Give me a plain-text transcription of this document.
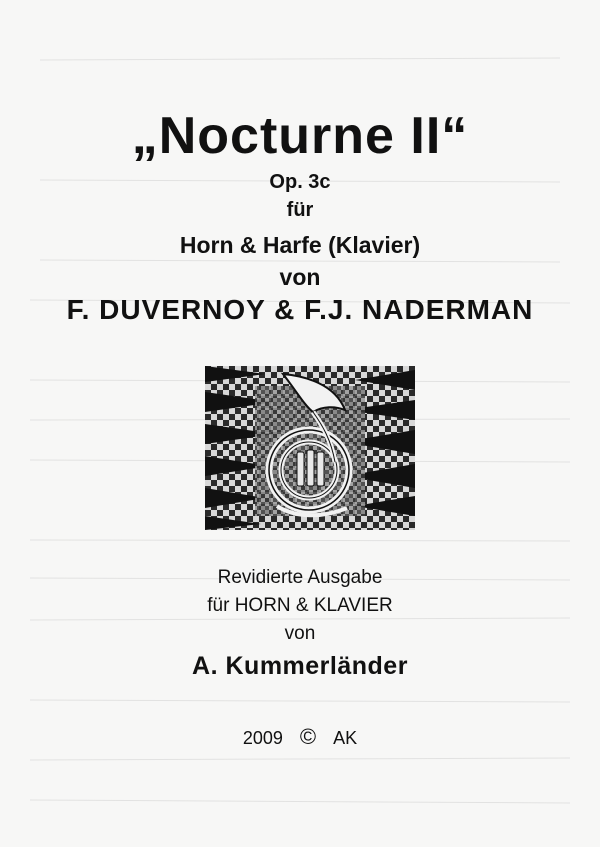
„Nocturne II“
Op. 3c
für
Horn & Harfe (Klavier)
von
F. DUVERNOY & F.J. NADERMAN
Revidierte Ausgabe
für HORN & KLAVIER
von
A. Kummerländer
2009 © AK
